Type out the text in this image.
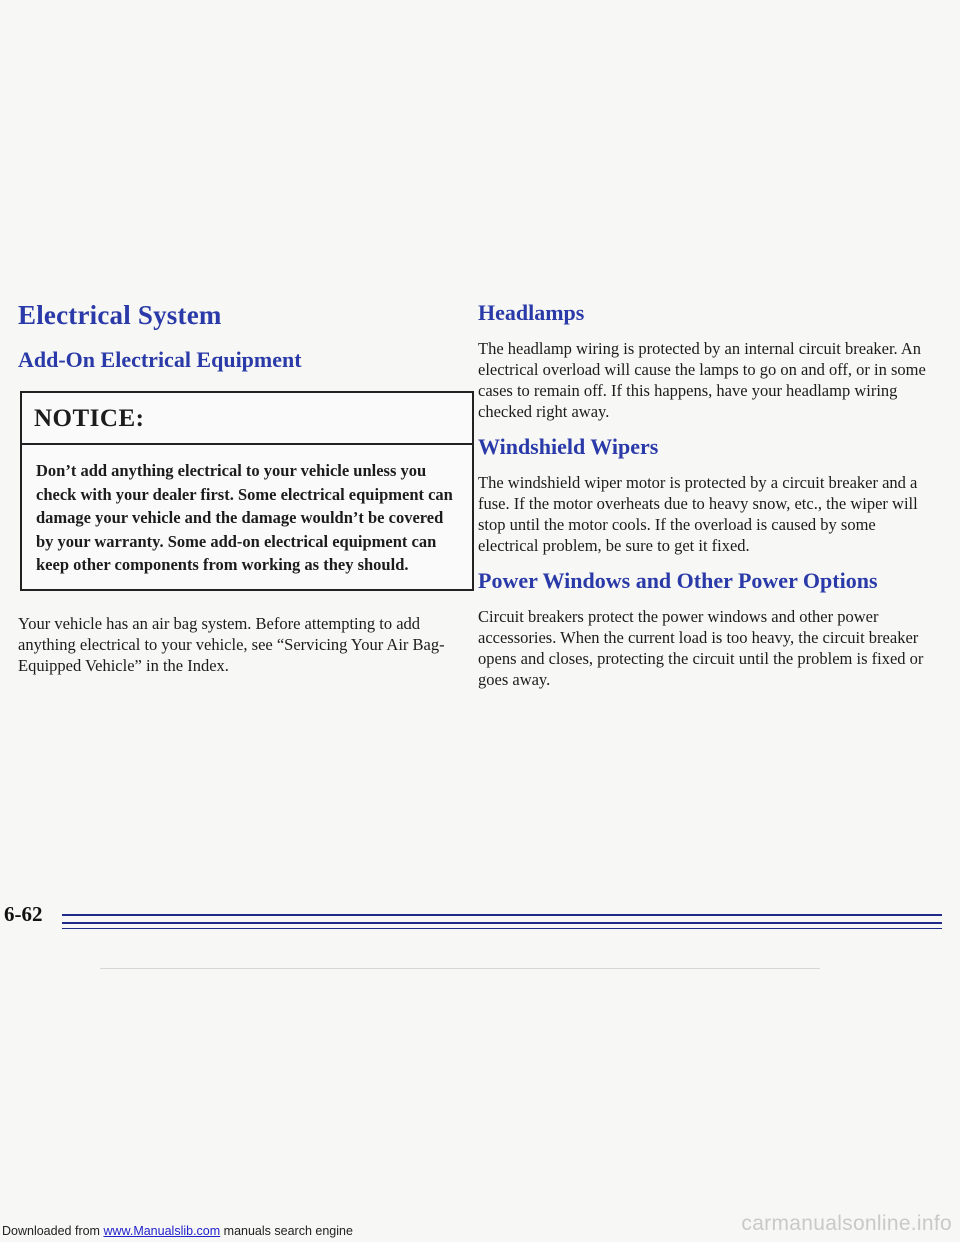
Electrical System
Add-On Electrical Equipment
NOTICE:
Don’t add anything electrical to your vehicle unless you check with your dealer first. Some electrical equipment can damage your vehicle and the damage wouldn’t be covered by your warranty. Some add-on electrical equipment can keep other components from working as they should.

Your vehicle has an air bag system. Before attempting to add anything electrical to your vehicle, see “Servicing Your Air Bag-Equipped Vehicle” in the Index.

Headlamps

The headlamp wiring is protected by an internal circuit breaker. An electrical overload will cause the lamps to go on and off, or in some cases to remain off. If this happens, have your headlamp wiring checked right away.

Windshield Wipers

The windshield wiper motor is protected by a circuit breaker and a fuse. If the motor overheats due to heavy snow, etc., the wiper will stop until the motor cools. If the overload is caused by some electrical problem, be sure to get it fixed.

Power Windows and Other Power Options

Circuit breakers protect the power windows and other power accessories. When the current load is too heavy, the circuit breaker opens and closes, protecting the circuit until the problem is fixed or goes away.

6-62
Downloaded from www.Manualslib.com manuals search engine	carmanualsonline.info
